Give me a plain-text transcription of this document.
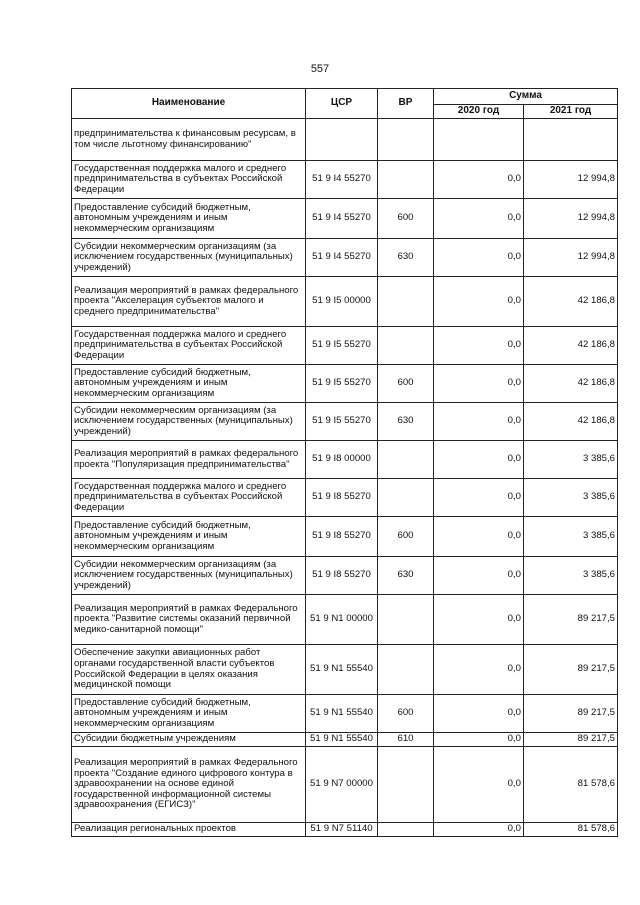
557
Наименование	ЦСР	ВР	Сумма	
			2020 год	2021 год
предпринимательства к финансовым ресурсам, в том числе льготному финансированию"				
Государственная поддержка малого и среднего предпринимательства в субъектах Российской Федерации	51 9 I4 55270		0,0	12 994,8
Предоставление субсидий бюджетным, автономным учреждениям и иным некоммерческим организациям	51 9 I4 55270	600	0,0	12 994,8
Субсидии некоммерческим организациям (за исключением государственных (муниципальных) учреждений)	51 9 I4 55270	630	0,0	12 994,8
Реализация мероприятий в рамках федерального проекта "Акселерация субъектов малого и среднего предпринимательства"	51 9 I5 00000		0,0	42 186,8
Государственная поддержка малого и среднего предпринимательства в субъектах Российской Федерации	51 9 I5 55270		0,0	42 186,8
Предоставление субсидий бюджетным, автономным учреждениям и иным некоммерческим организациям	51 9 I5 55270	600	0,0	42 186,8
Субсидии некоммерческим организациям (за исключением государственных (муниципальных) учреждений)	51 9 I5 55270	630	0,0	42 186,8
Реализация мероприятий в рамках федерального проекта "Популяризация предпринимательства"	51 9 I8 00000		0,0	3 385,6
Государственная поддержка малого и среднего предпринимательства в субъектах Российской Федерации	51 9 I8 55270		0,0	3 385,6
Предоставление субсидий бюджетным, автономным учреждениям и иным некоммерческим организациям	51 9 I8 55270	600	0,0	3 385,6
Субсидии некоммерческим организациям (за исключением государственных (муниципальных) учреждений)	51 9 I8 55270	630	0,0	3 385,6
Реализация мероприятий в рамках Федерального проекта "Развитие системы оказаний первичной медико-санитарной помощи"	51 9 N1 00000		0,0	89 217,5
Обеспечение закупки авиационных работ органами государственной власти субъектов Российской Федерации в целях оказания медицинской помощи	51 9 N1 55540		0,0	89 217,5
Предоставление субсидий бюджетным, автономным учреждениям и иным некоммерческим организациям	51 9 N1 55540	600	0,0	89 217,5
Субсидии бюджетным учреждениям	51 9 N1 55540	610	0,0	89 217,5
Реализация мероприятий в рамках Федерального проекта "Создание единого цифрового контура в здравоохранении на основе единой государственной информационной системы здравоохранения (ЕГИСЗ)"	51 9 N7 00000		0,0	81 578,6
Реализация региональных проектов	51 9 N7 51140		0,0	81 578,6
